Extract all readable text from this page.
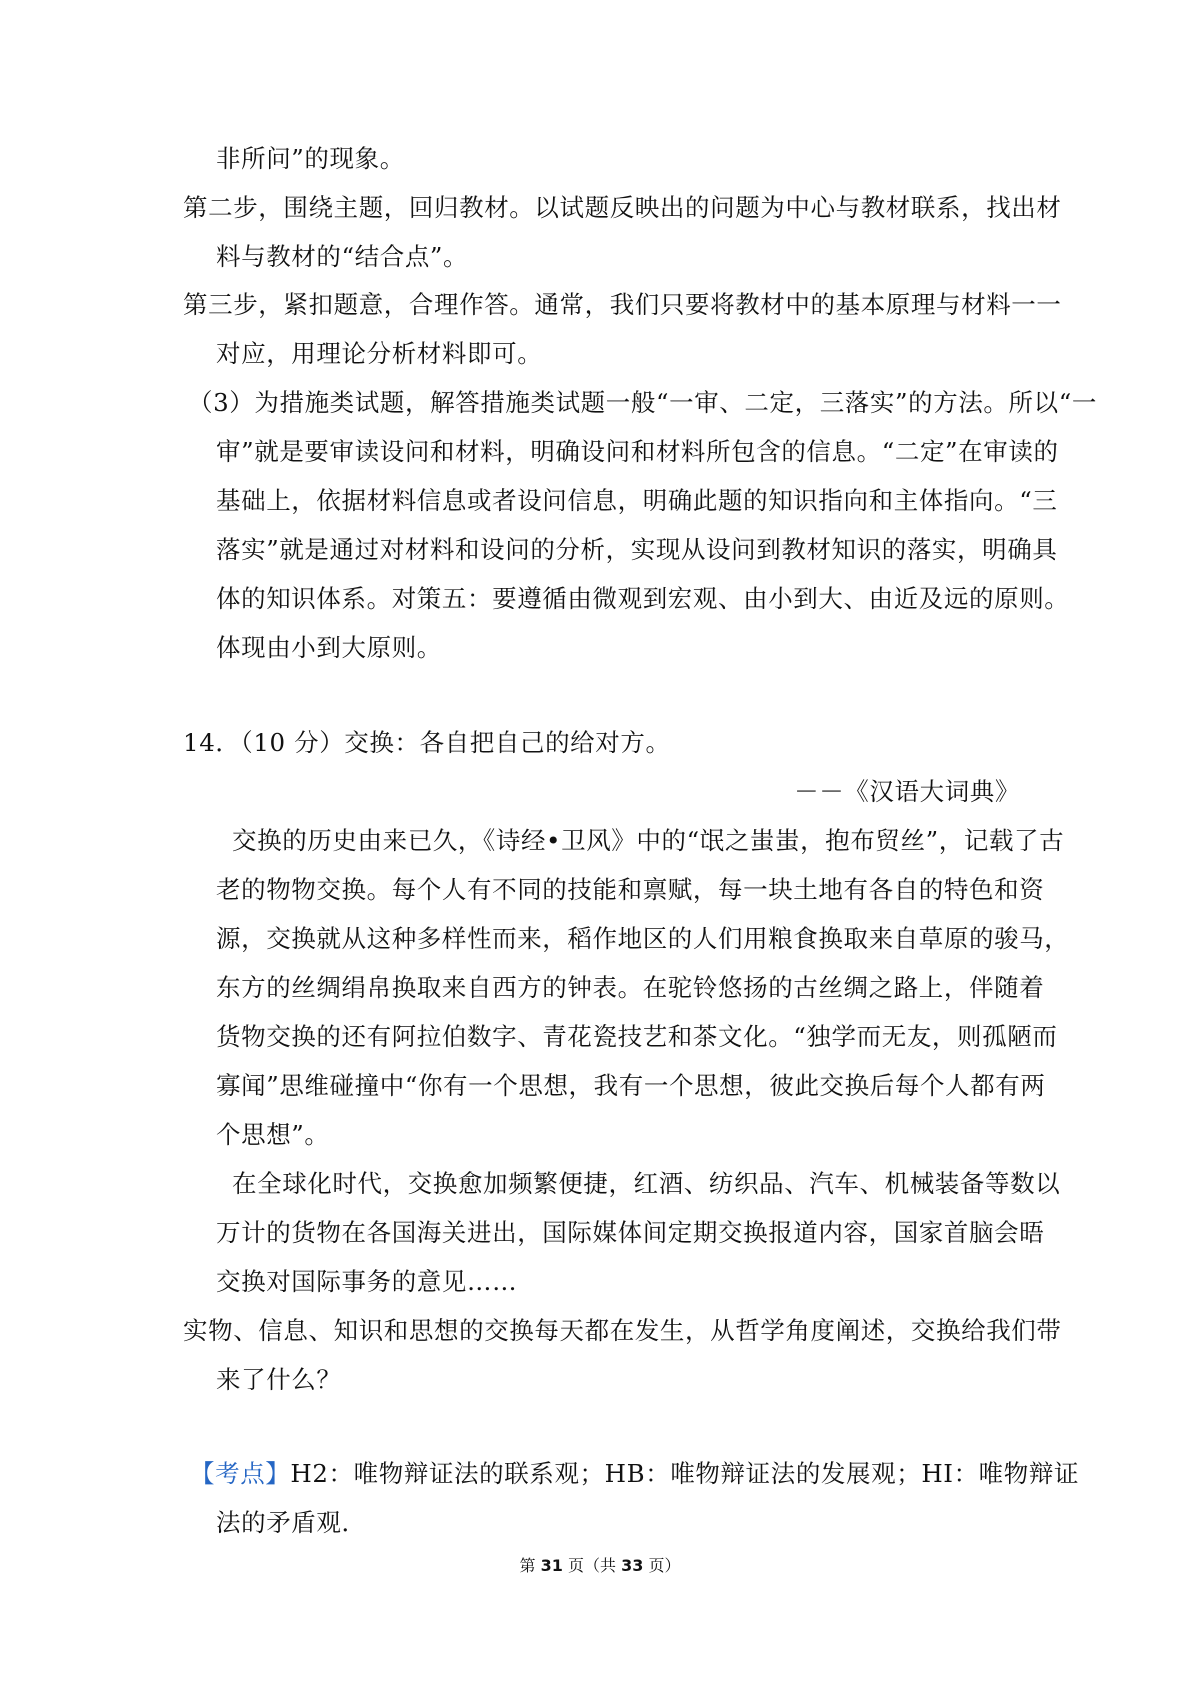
非所问”的现象。
第二步，围绕主题，回归教材。以试题反映出的问题为中心与教材联系，找出材
料与教材的“结合点”。
第三步，紧扣题意，合理作答。通常，我们只要将教材中的基本原理与材料一一
对应，用理论分析材料即可。
（3）为措施类试题，解答措施类试题一般“一审、二定，三落实”的方法。所以“一
审”就是要审读设问和材料，明确设问和材料所包含的信息。“二定”在审读的
基础上，依据材料信息或者设问信息，明确此题的知识指向和主体指向。“三
落实”就是通过对材料和设问的分析，实现从设问到教材知识的落实，明确具
体的知识体系。对策五：要遵循由微观到宏观、由小到大、由近及远的原则。
体现由小到大原则。
14．（10 分）交换：各自把自己的给对方。
－－《汉语大词典》
交换的历史由来已久，《诗经•卫风》中的“氓之蚩蚩，抱布贸丝”，记载了古
老的物物交换。每个人有不同的技能和禀赋，每一块土地有各自的特色和资
源，交换就从这种多样性而来，稻作地区的人们用粮食换取来自草原的骏马，
东方的丝绸绢帛换取来自西方的钟表。在驼铃悠扬的古丝绸之路上，伴随着
货物交换的还有阿拉伯数字、青花瓷技艺和茶文化。“独学而无友，则孤陋而
寡闻”思维碰撞中“你有一个思想，我有一个思想，彼此交换后每个人都有两
个思想”。
在全球化时代，交换愈加频繁便捷，红酒、纺织品、汽车、机械装备等数以
万计的货物在各国海关进出，国际媒体间定期交换报道内容，国家首脑会晤
交换对国际事务的意见……
实物、信息、知识和思想的交换每天都在发生，从哲学角度阐述，交换给我们带
来了什么？
【考点】H2：唯物辩证法的联系观；HB：唯物辩证法的发展观；HI：唯物辩证
法的矛盾观．
第 31 页（共 33 页）
